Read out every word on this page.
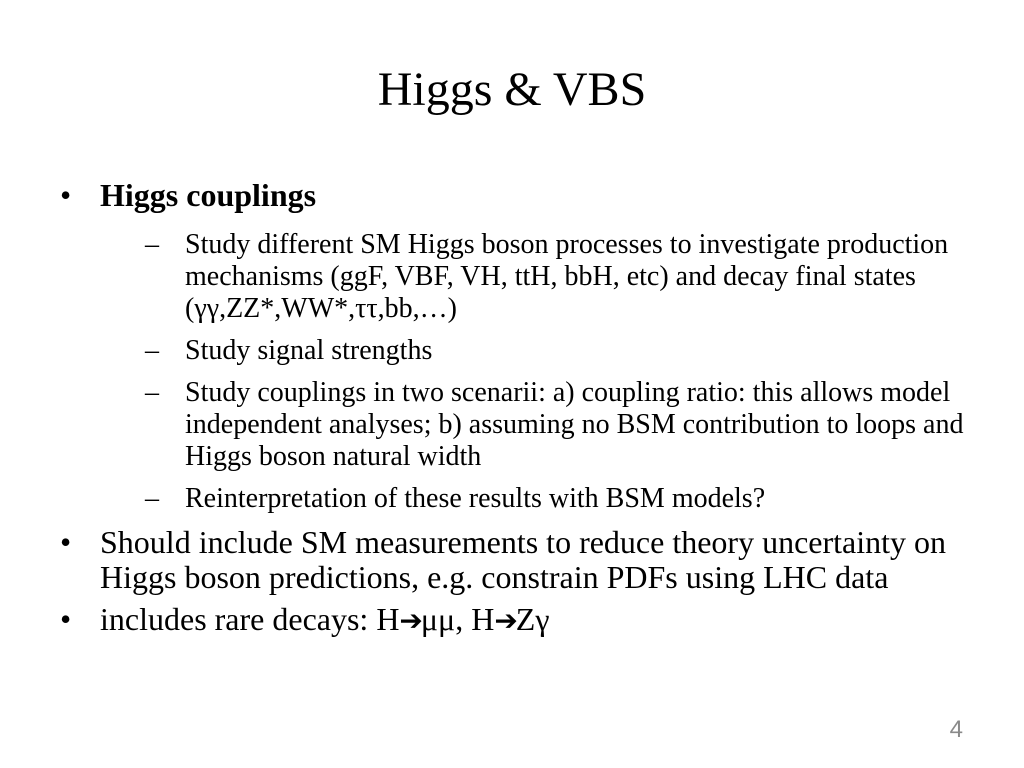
Higgs & VBS
• Higgs couplings
– Study different SM Higgs boson processes to investigate production mechanisms (ggF, VBF, VH, ttH, bbH, etc) and decay final states (γγ,ZZ*,WW*,ττ,bb,…)
– Study signal strengths
– Study couplings in two scenarii: a) coupling ratio: this allows model independent analyses; b) assuming no BSM contribution to loops and Higgs boson natural width
– Reinterpretation of these results with BSM models?
• Should include SM measurements to reduce theory uncertainty on Higgs boson predictions, e.g. constrain PDFs using LHC data
• includes rare decays: H➔μμ, H➔Zγ
4
